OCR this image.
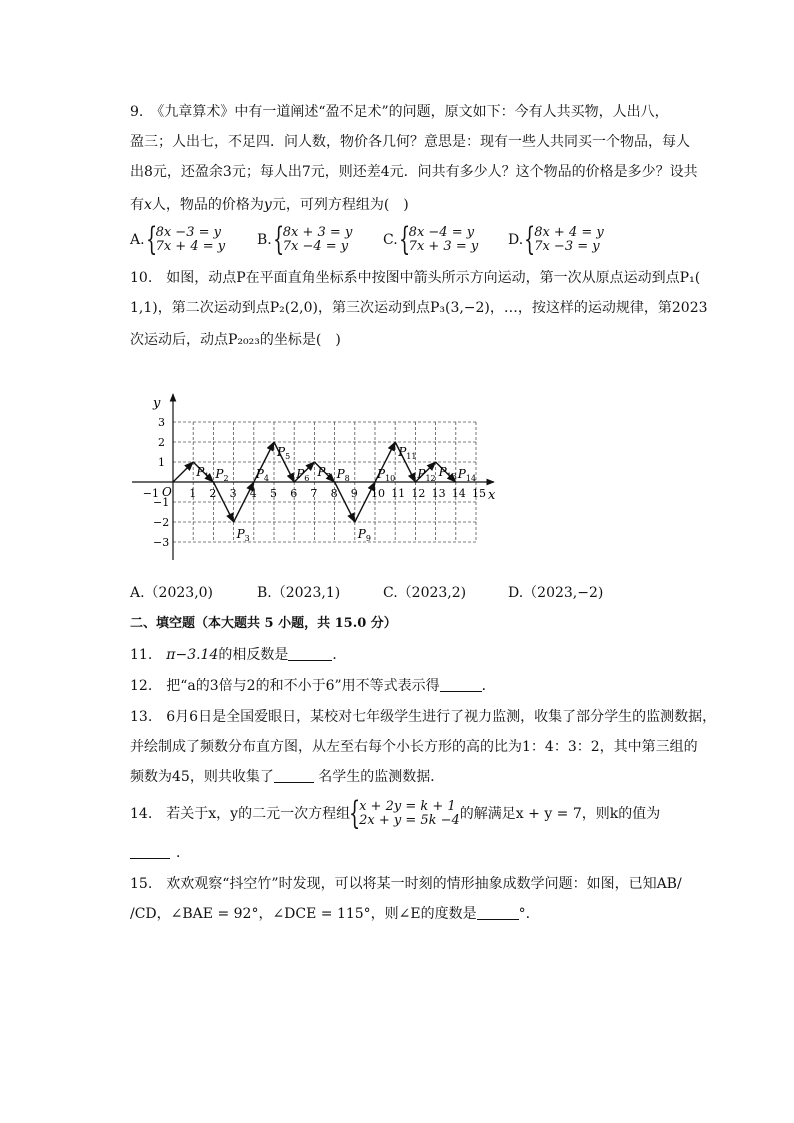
9.　《九章算术》中有一道阐述“盈不足术”的问题，原文如下：今有人共买物，人出八，
盈三；人出七，不足四．问人数，物价各几何？意思是：现有一些人共同买一个物品，每人
出8元，还盈余3元；每人出7元，则还差4元．问共有多少人？这个物品的价格是多少？设共
有x人，物品的价格为y元，可列方程组为(　)
A. {
8x −3 = y
7x + 4 = y B. {
8x + 3 = y
7x −4 = y C. {
8x −4 = y
7x + 3 = y D. {
8x + 4 = y
7x −3 = y
10.　如图，动点P在平面直角坐标系中按图中箭头所示方向运动，第一次从原点运动到点P₁(
1,1)，第二次运动到点P₂(2,0)，第三次运动到点P₃(3,−2)，…，按这样的运动规律，第2023
次运动后，动点P₂₀₂₃的坐标是(　)
−1	1 2 3 4 5 6 7 8 9 10 11 12 13 14 15
3
2
1
−1
−2
−3
$P_1$ $P_2$
$P_3$
$P_4$
$P_5$
$P_6$ $P_7$ $P_8$
$P_9$
$P_{10}$
$P_{11}$
$P_{12}$ $P_{13}$ $P_{14}$
x
y
O
A.（2023,0)	B.（2023,1)	C.（2023,2)	D.（2023,−2)
二、填空题（本大题共 5 小题，共 15.0 分）
11.　π−3.14的相反数是	．
12.　把“a的3倍与2的和不小于6”用不等式表示得	．
13.　6月6日是全国爱眼日，某校对七年级学生进行了视力监测，收集了部分学生的监测数据，
并绘制成了频数分布直方图，从左至右每个小长方形的高的比为1：4：3：2，其中第三组的
频数为45，则共收集了	名学生的监测数据．
14.　若关于x，y的二元一次方程组 {
x + 2y = k + 1
2x + y = 5k −4 的解满足x + y = 7，则k的值为
．
15.　欢欢观察“抖空竹”时发现，可以将某一时刻的情形抽象成数学问题：如图，已知AB/
/CD，∠BAE = 92°，∠DCE = 115°，则∠E的度数是	°.
